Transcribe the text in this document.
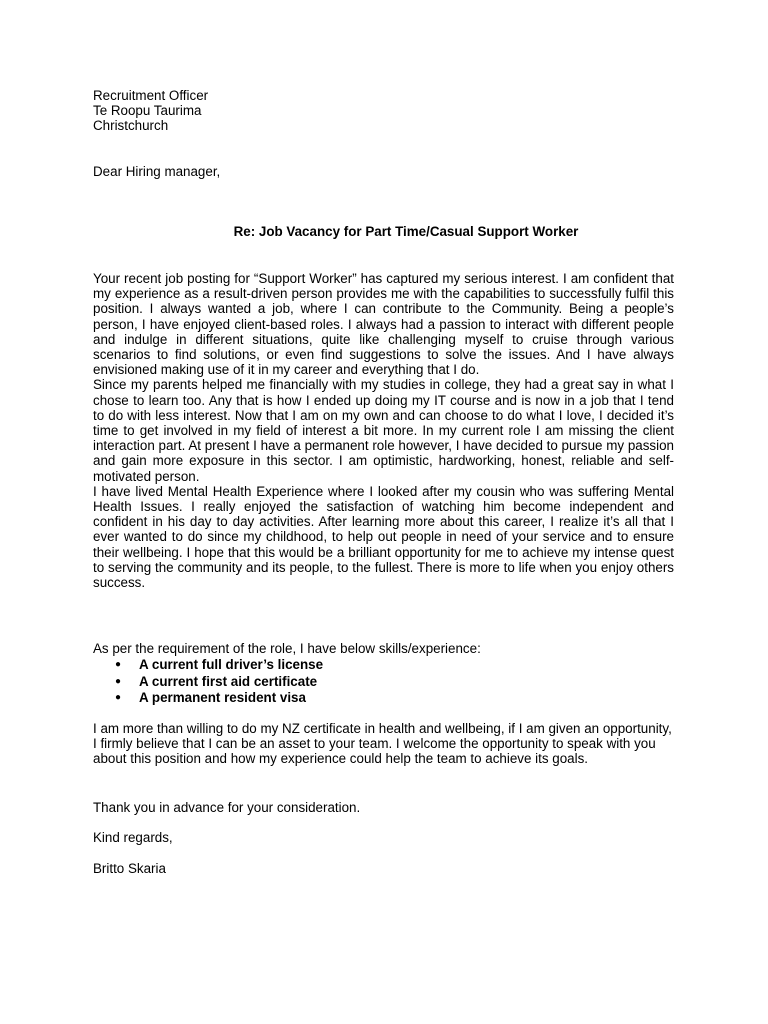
Recruitment Officer
Te Roopu Taurima
Christchurch

Dear Hiring manager,

Re: Job Vacancy for Part Time/Casual Support Worker

Your recent job posting for “Support Worker” has captured my serious interest. I am confident that my experience as a result-driven person provides me with the capabilities to successfully fulfil this position. I always wanted a job, where I can contribute to the Community. Being a people’s person, I have enjoyed client-based roles. I always had a passion to interact with different people and indulge in different situations, quite like challenging myself to cruise through various scenarios to find solutions, or even find suggestions to solve the issues. And I have always envisioned making use of it in my career and everything that I do.

Since my parents helped me financially with my studies in college, they had a great say in what I chose to learn too. Any that is how I ended up doing my IT course and is now in a job that I tend to do with less interest. Now that I am on my own and can choose to do what I love, I decided it’s time to get involved in my field of interest a bit more. In my current role I am missing the client interaction part. At present I have a permanent role however, I have decided to pursue my passion and gain more exposure in this sector. I am optimistic, hardworking, honest, reliable and self-motivated person.

I have lived Mental Health Experience where I looked after my cousin who was suffering Mental Health Issues. I really enjoyed the satisfaction of watching him become independent and confident in his day to day activities. After learning more about this career, I realize it’s all that I ever wanted to do since my childhood, to help out people in need of your service and to ensure their wellbeing. I hope that this would be a brilliant opportunity for me to achieve my intense quest to serving the community and its people, to the fullest. There is more to life when you enjoy others success.

As per the requirement of the role, I have below skills/experience:

● A current full driver’s license
● A current first aid certificate
● A permanent resident visa

I am more than willing to do my NZ certificate in health and wellbeing, if I am given an opportunity, I firmly believe that I can be an asset to your team. I welcome the opportunity to speak with you about this position and how my experience could help the team to achieve its goals.

Thank you in advance for your consideration.

Kind regards,

Britto Skaria
